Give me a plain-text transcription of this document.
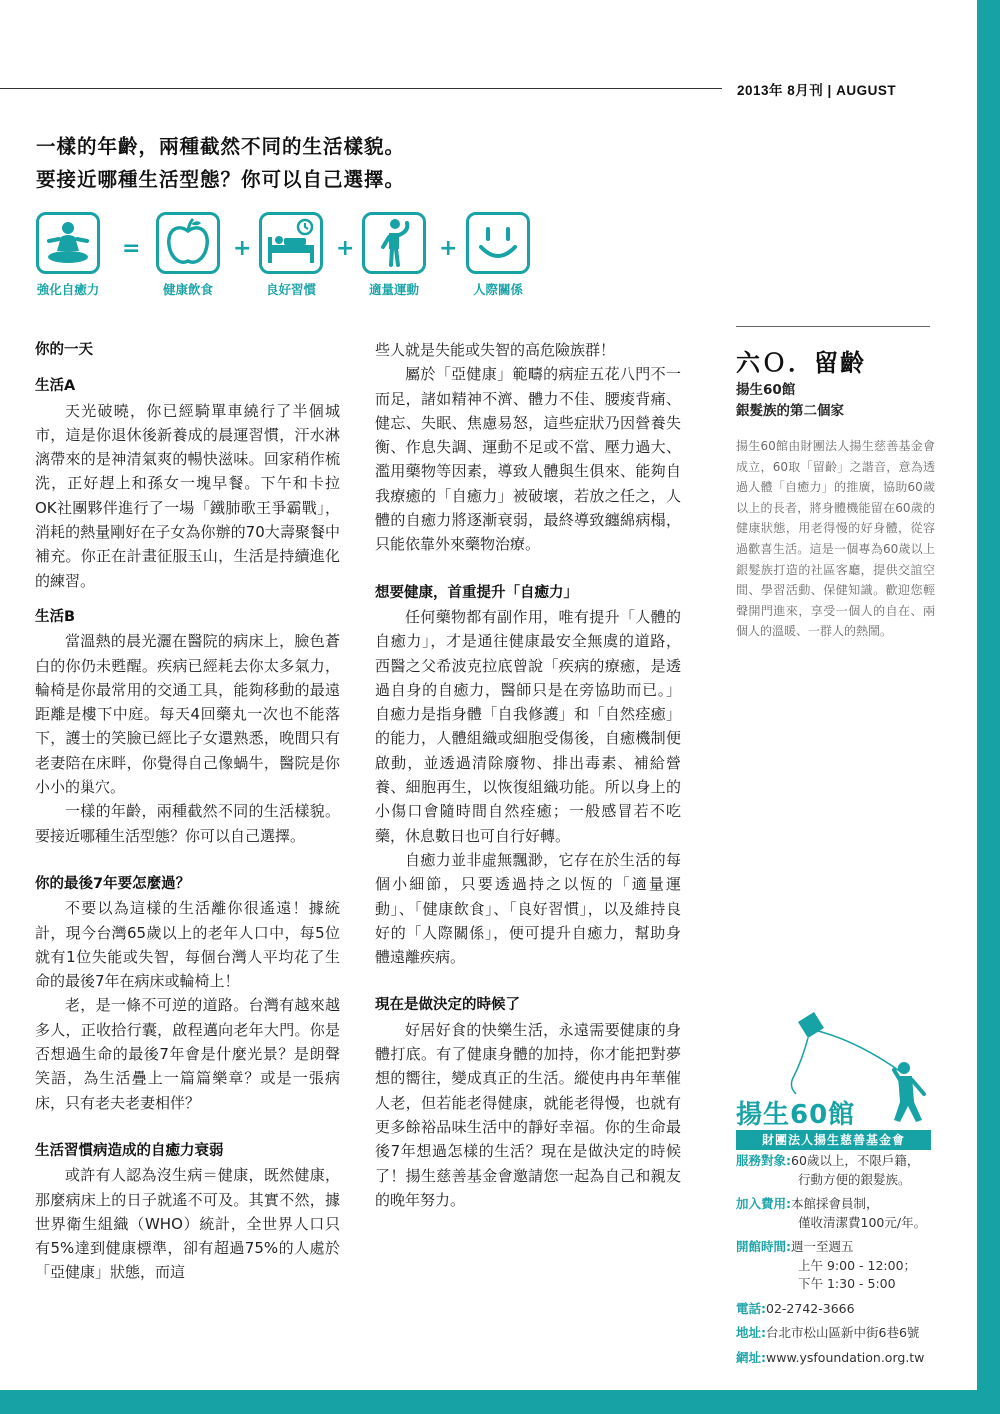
2013年 8月刊 | AUGUST
一樣的年齡，兩種截然不同的生活樣貌。
要接近哪種生活型態？你可以自己選擇。
強化自癒力
=
健康飲食
+
良好習慣
+
適量運動
+
人際關係
你的一天
生活A

天光破曉，你已經騎單車繞行了半個城市，這是你退休後新養成的晨運習慣，汗水淋漓帶來的是神清氣爽的暢快滋味。回家稍作梳洗，正好趕上和孫女一塊早餐。下午和卡拉OK社團夥伴進行了一場「鐵肺歌王爭霸戰」，消耗的熱量剛好在子女為你辦的70大壽聚餐中補充。你正在計畫征服玉山，生活是持續進化的練習。

生活B

當溫熱的晨光灑在醫院的病床上，臉色蒼白的你仍未甦醒。疾病已經耗去你太多氣力，輪椅是你最常用的交通工具，能夠移動的最遠距離是樓下中庭。每天4回藥丸一次也不能落下，護士的笑臉已經比子女還熟悉，晚間只有老妻陪在床畔，你覺得自己像蝸牛，醫院是你小小的巢穴。

一樣的年齡，兩種截然不同的生活樣貌。要接近哪種生活型態？你可以自己選擇。

你的最後7年要怎麼過？

不要以為這樣的生活離你很遙遠！據統計，現今台灣65歲以上的老年人口中，每5位就有1位失能或失智，每個台灣人平均花了生命的最後7年在病床或輪椅上！

老，是一條不可逆的道路。台灣有越來越多人，正收拾行囊，啟程邁向老年大門。你是否想過生命的最後7年會是什麼光景？是朗聲笑語，為生活疊上一篇篇樂章？或是一張病床，只有老夫老妻相伴？

生活習慣病造成的自癒力衰弱

或許有人認為沒生病＝健康，既然健康，那麼病床上的日子就遙不可及。其實不然，據世界衛生組織（WHO）統計，全世界人口只有5%達到健康標準，卻有超過75%的人處於「亞健康」狀態，而這

些人就是失能或失智的高危險族群！

屬於「亞健康」範疇的病症五花八門不一而足，諸如精神不濟、體力不佳、腰痠背痛、健忘、失眠、焦慮易怒，這些症狀乃因營養失衡、作息失調、運動不足或不當、壓力過大、濫用藥物等因素，導致人體與生俱來、能夠自我療癒的「自癒力」被破壞，若放之任之，人體的自癒力將逐漸衰弱，最終導致纏綿病榻，只能依靠外來藥物治療。

想要健康，首重提升「自癒力」

任何藥物都有副作用，唯有提升「人體的自癒力」，才是通往健康最安全無虞的道路，西醫之父希波克拉底曾說「疾病的療癒，是透過自身的自癒力，醫師只是在旁協助而已。」自癒力是指身體「自我修護」和「自然痊癒」的能力，人體組織或細胞受傷後，自癒機制便啟動，並透過清除廢物、排出毒素、補給營養、細胞再生，以恢復組織功能。所以身上的小傷口會隨時間自然痊癒；一般感冒若不吃藥，休息數日也可自行好轉。

自癒力並非虛無飄渺，它存在於生活的每個小細節，只要透過持之以恆的「適量運動」、「健康飲食」、「良好習慣」，以及維持良好的「人際關係」，便可提升自癒力，幫助身體遠離疾病。

現在是做決定的時候了

好居好食的快樂生活，永遠需要健康的身體打底。有了健康身體的加持，你才能把對夢想的嚮往，變成真正的生活。縱使冉冉年華催人老，但若能老得健康，就能老得慢，也就有更多餘裕品味生活中的靜好幸福。你的生命最後7年想過怎樣的生活？現在是做決定的時候了！揚生慈善基金會邀請您一起為自己和親友的晚年努力。

六Ｏ．留齡
揚生60館
銀髮族的第二個家
揚生60館由財團法人揚生慈善基金會成立，60取「留齡」之諧音，意為透過人體「自癒力」的推廣，協助60歲以上的長者，將身體機能留在60歲的健康狀態，用老得慢的好身體，從容過歡喜生活。這是一個專為60歲以上銀髮族打造的社區客廳，提供交誼空間、學習活動、保健知識。歡迎您輕聲開門進來，享受一個人的自在、兩個人的溫暖、一群人的熱鬧。
揚生60館
財團法人揚生慈善基金會
服務對象:60歲以上，不限戶籍，
行動方便的銀髮族。
加入費用:本館採會員制，
僅收清潔費100元/年。
開館時間:週一至週五
上午 9:00 - 12:00；
下午 1:30 - 5:00
電話:02-2742-3666
地址:台北市松山區新中街6巷6號
網址:www.ysfoundation.org.tw
